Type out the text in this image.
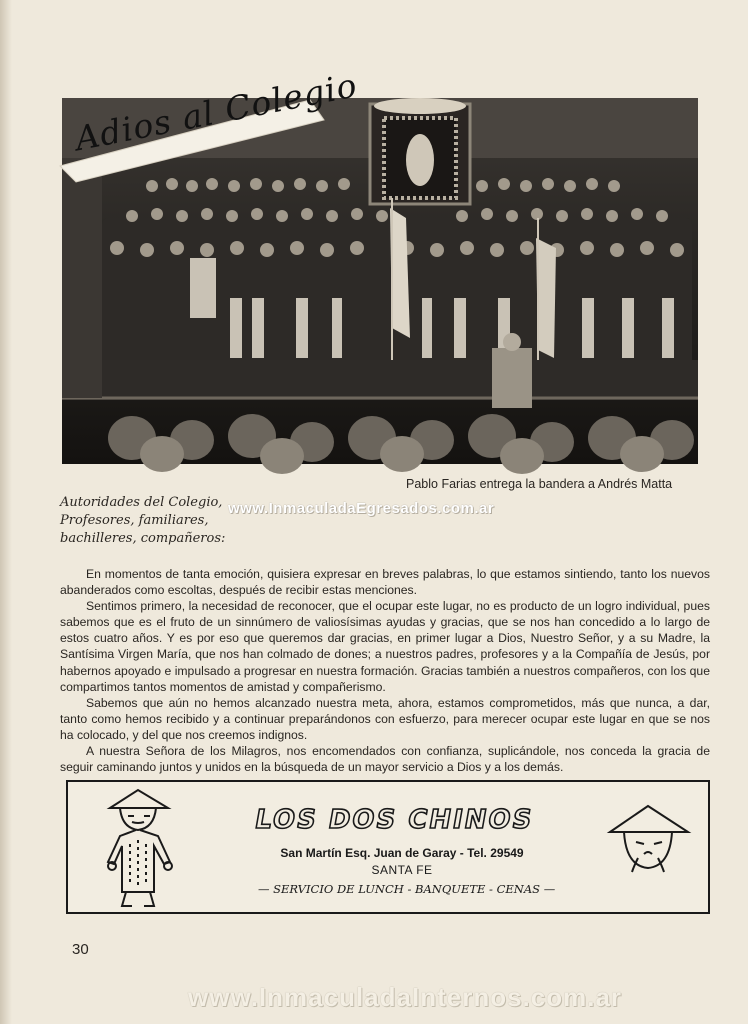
Adios al Colegio
Pablo Farias entrega la bandera a Andrés Matta
Autoridades del Colegio,
Profesores, familiares,
bachilleres, compañeros:
www.InmaculadaEgresados.com.ar

En momentos de tanta emoción, quisiera expresar en breves palabras, lo que estamos sintiendo, tanto los nuevos abanderados como escoltas, después de recibir estas menciones.

Sentimos primero, la necesidad de reconocer, que el ocupar este lugar, no es producto de un logro individual, pues sabemos que es el fruto de un sinnúmero de valiosísimas ayudas y gracias, que se nos han concedido a lo largo de estos cuatro años. Y es por eso que queremos dar gracias, en primer lugar a Dios, Nuestro Señor, y a su Madre, la Santísima Virgen María, que nos han colmado de dones; a nuestros padres, profesores y a la Compañía de Jesús, por habernos apoyado e impulsado a progresar en nuestra formación. Gracias también a nuestros compañeros, con los que compartimos tantos momentos de amistad y compañerismo.

Sabemos que aún no hemos alcanzado nuestra meta, ahora, estamos comprometidos, más que nunca, a dar, tanto como hemos recibido y a continuar preparándonos con esfuerzo, para merecer ocupar este lugar en que se nos ha colocado, y del que nos creemos indignos.

A nuestra Señora de los Milagros, nos encomendados con confianza, suplicándole, nos conceda la gracia de seguir caminando juntos y unidos en la búsqueda de un mayor servicio a Dios y a los demás.

LOS DOS CHINOS
San Martín Esq. Juan de Garay - Tel. 29549
SANTA FE
— SERVICIO DE LUNCH - BANQUETE - CENAS —
30
www.InmaculadaInternos.com.ar
